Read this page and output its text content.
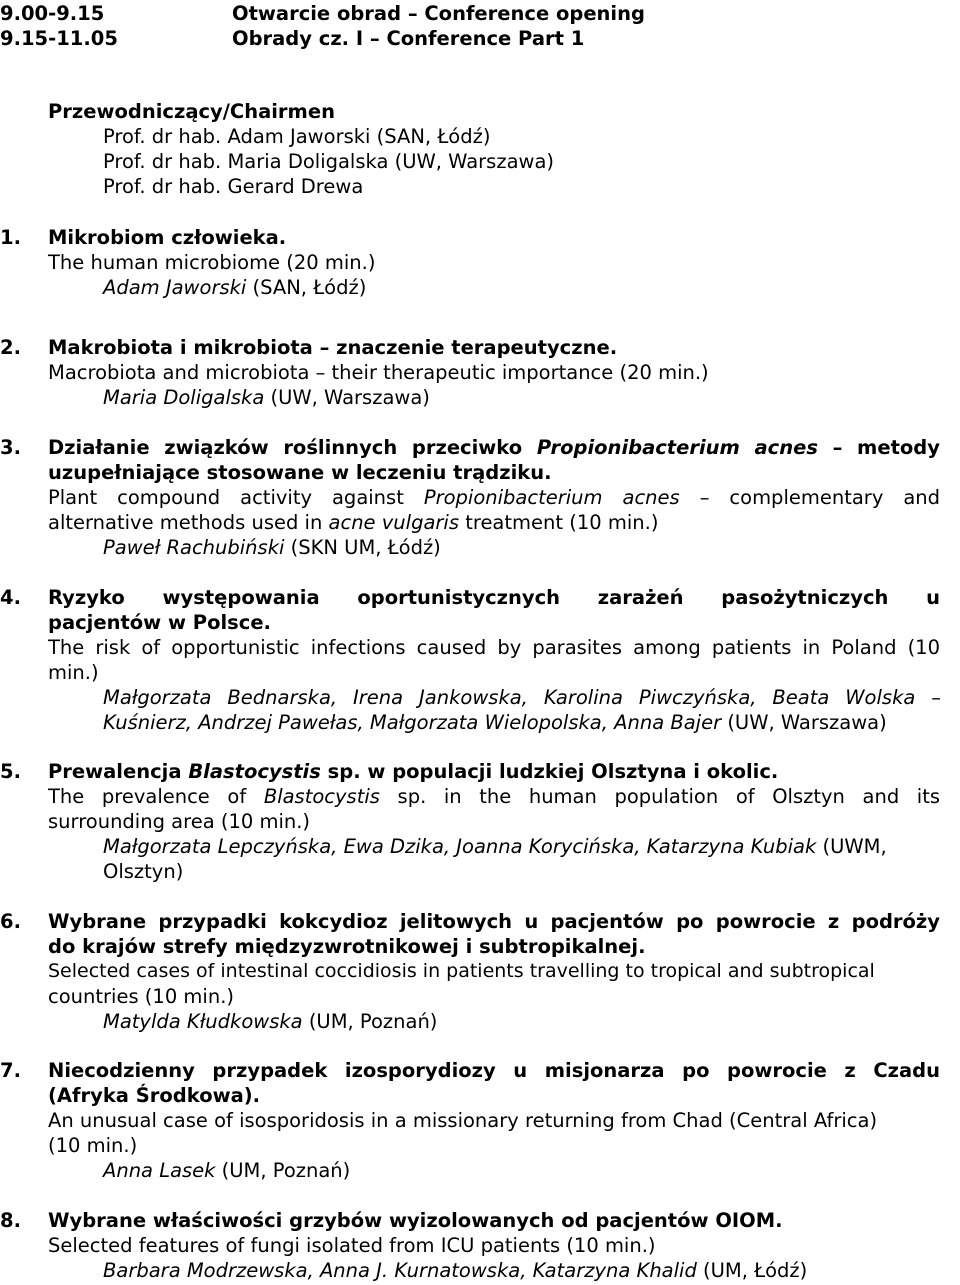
9.00-9.15	Otwarcie obrad – Conference opening
9.15-11.05	Obrady cz. I – Conference Part 1
Przewodniczący/Chairmen
Prof. dr hab. Adam Jaworski (SAN, Łódź)
Prof. dr hab. Maria Doligalska (UW, Warszawa)
Prof. dr hab. Gerard Drewa
1. Mikrobiom człowieka.
The human microbiome (20 min.)
Adam Jaworski (SAN, Łódź)
2. Makrobiota i mikrobiota – znaczenie terapeutyczne.
Macrobiota and microbiota – their therapeutic importance (20 min.)
Maria Doligalska (UW, Warszawa)
3. Działanie związków roślinnych przeciwko Propionibacterium acnes – metody
uzupełniające stosowane w leczeniu trądziku.
Plant compound activity against Propionibacterium acnes – complementary and
alternative methods used in acne vulgaris treatment (10 min.)
Paweł Rachubiński (SKN UM, Łódź)
4. Ryzyko występowania oportunistycznych zarażeń pasożytniczych u
pacjentów w Polsce.
The risk of opportunistic infections caused by parasites among patients in Poland (10
min.)
Małgorzata Bednarska, Irena Jankowska, Karolina Piwczyńska, Beata Wolska –
Kuśnierz, Andrzej Pawełas, Małgorzata Wielopolska, Anna Bajer (UW, Warszawa)
5. Prewalencja Blastocystis sp. w populacji ludzkiej Olsztyna i okolic.
The prevalence of Blastocystis sp. in the human population of Olsztyn and its
surrounding area (10 min.)
Małgorzata Lepczyńska, Ewa Dzika, Joanna Korycińska, Katarzyna Kubiak (UWM,
Olsztyn)
6. Wybrane przypadki kokcydioz jelitowych u pacjentów po powrocie z podróży
do krajów strefy międzyzwrotnikowej i subtropikalnej.
Selected cases of intestinal coccidiosis in patients travelling to tropical and subtropical
countries (10 min.)
Matylda Kłudkowska (UM, Poznań)
7. Niecodzienny przypadek izosporydiozy u misjonarza po powrocie z Czadu
(Afryka Środkowa).
An unusual case of isosporidosis in a missionary returning from Chad (Central Africa)
(10 min.)
Anna Lasek (UM, Poznań)
8. Wybrane właściwości grzybów wyizolowanych od pacjentów OIOM.
Selected features of fungi isolated from ICU patients (10 min.)
Barbara Modrzewska, Anna J. Kurnatowska, Katarzyna Khalid (UM, Łódź)
